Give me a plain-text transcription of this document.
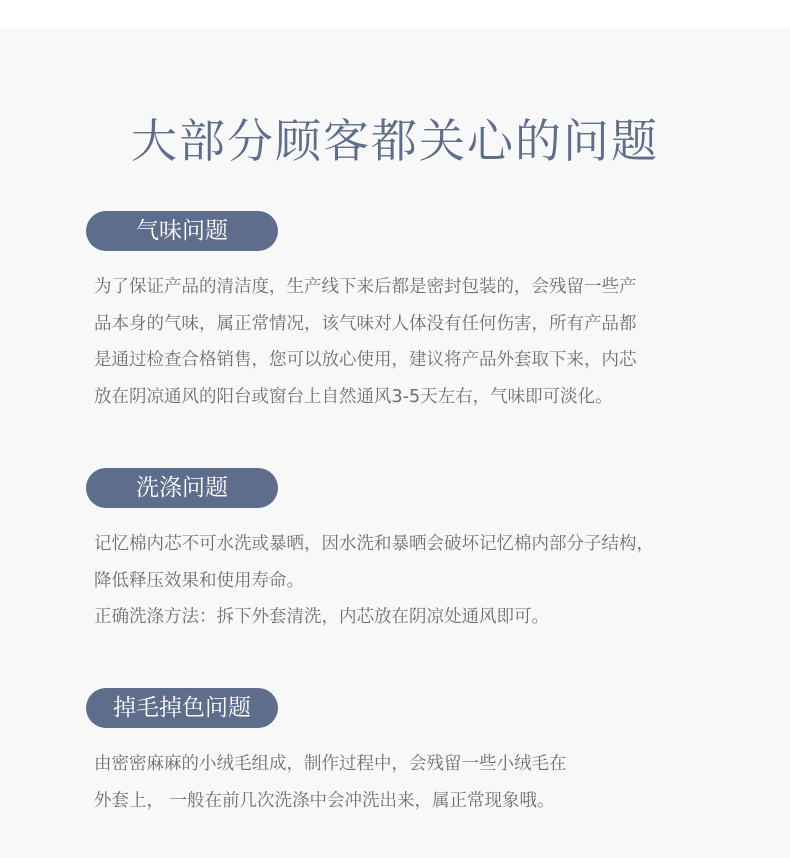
大部分顾客都关心的问题
气味问题
为了保证产品的清洁度，生产线下来后都是密封包装的，会残留一些产
品本身的气味，属正常情况，该气味对人体没有任何伤害，所有产品都
是通过检查合格销售，您可以放心使用，建议将产品外套取下来，内芯
放在阴凉通风的阳台或窗台上自然通风3-5天左右，气味即可淡化。
洗涤问题
记忆棉内芯不可水洗或暴晒，因水洗和暴晒会破坏记忆棉内部分子结构，
降低释压效果和使用寿命。
正确洗涤方法：拆下外套清洗，内芯放在阴凉处通风即可。
掉毛掉色问题
由密密麻麻的小绒毛组成，制作过程中，会残留一些小绒毛在
外套上， 一般在前几次洗涤中会冲洗出来，属正常现象哦。
